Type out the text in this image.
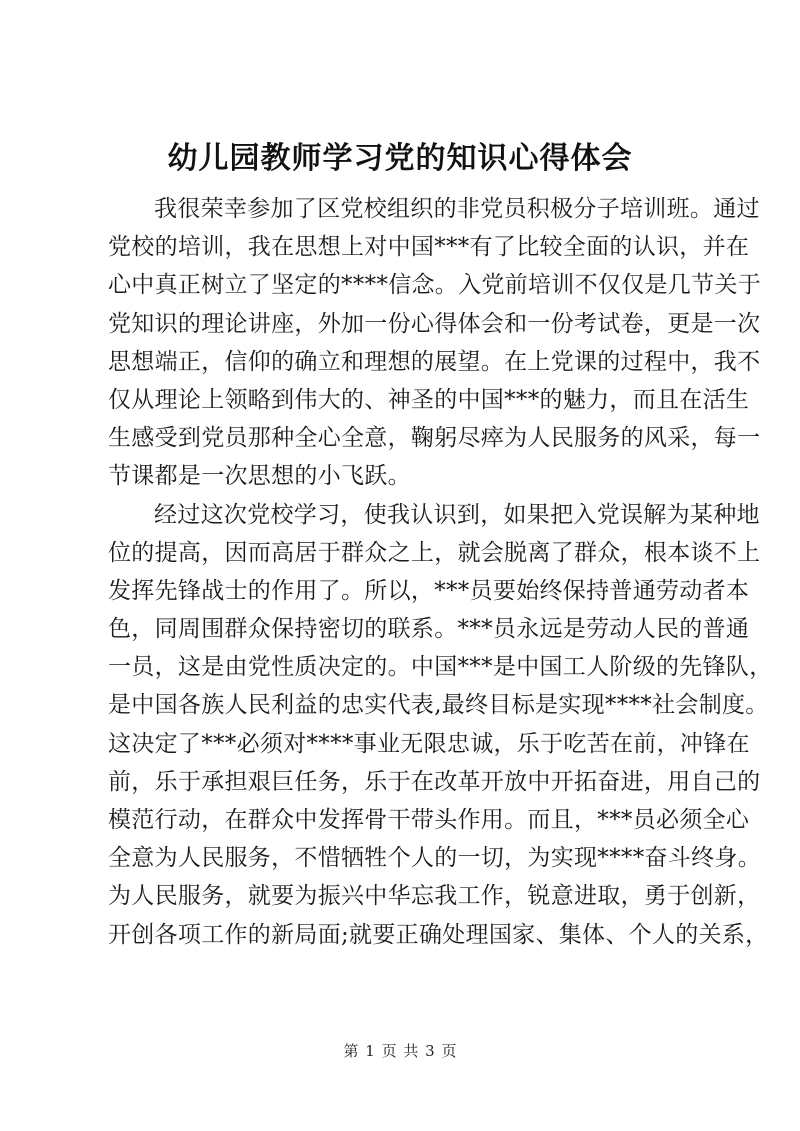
幼儿园教师学习党的知识心得体会
我很荣幸参加了区党校组织的非党员积极分子培训班。通过
党校的培训，我在思想上对中国***有了比较全面的认识，并在
心中真正树立了坚定的****信念。入党前培训不仅仅是几节关于
党知识的理论讲座，外加一份心得体会和一份考试卷，更是一次
思想端正，信仰的确立和理想的展望。在上党课的过程中，我不
仅从理论上领略到伟大的、神圣的中国***的魅力，而且在活生
生感受到党员那种全心全意，鞠躬尽瘁为人民服务的风采，每一
节课都是一次思想的小飞跃。
经过这次党校学习，使我认识到，如果把入党误解为某种地
位的提高，因而高居于群众之上，就会脱离了群众，根本谈不上
发挥先锋战士的作用了。所以，***员要始终保持普通劳动者本
色，同周围群众保持密切的联系。***员永远是劳动人民的普通
一员，这是由党性质决定的。中国***是中国工人阶级的先锋队，
是中国各族人民利益的忠实代表,最终目标是实现****社会制度。
这决定了***必须对****事业无限忠诚，乐于吃苦在前，冲锋在
前，乐于承担艰巨任务，乐于在改革开放中开拓奋进，用自己的
模范行动，在群众中发挥骨干带头作用。而且，***员必须全心
全意为人民服务，不惜牺牲个人的一切，为实现****奋斗终身。
为人民服务，就要为振兴中华忘我工作，锐意进取，勇于创新，
开创各项工作的新局面;就要正确处理国家、集体、个人的关系，
第 1 页 共 3 页
